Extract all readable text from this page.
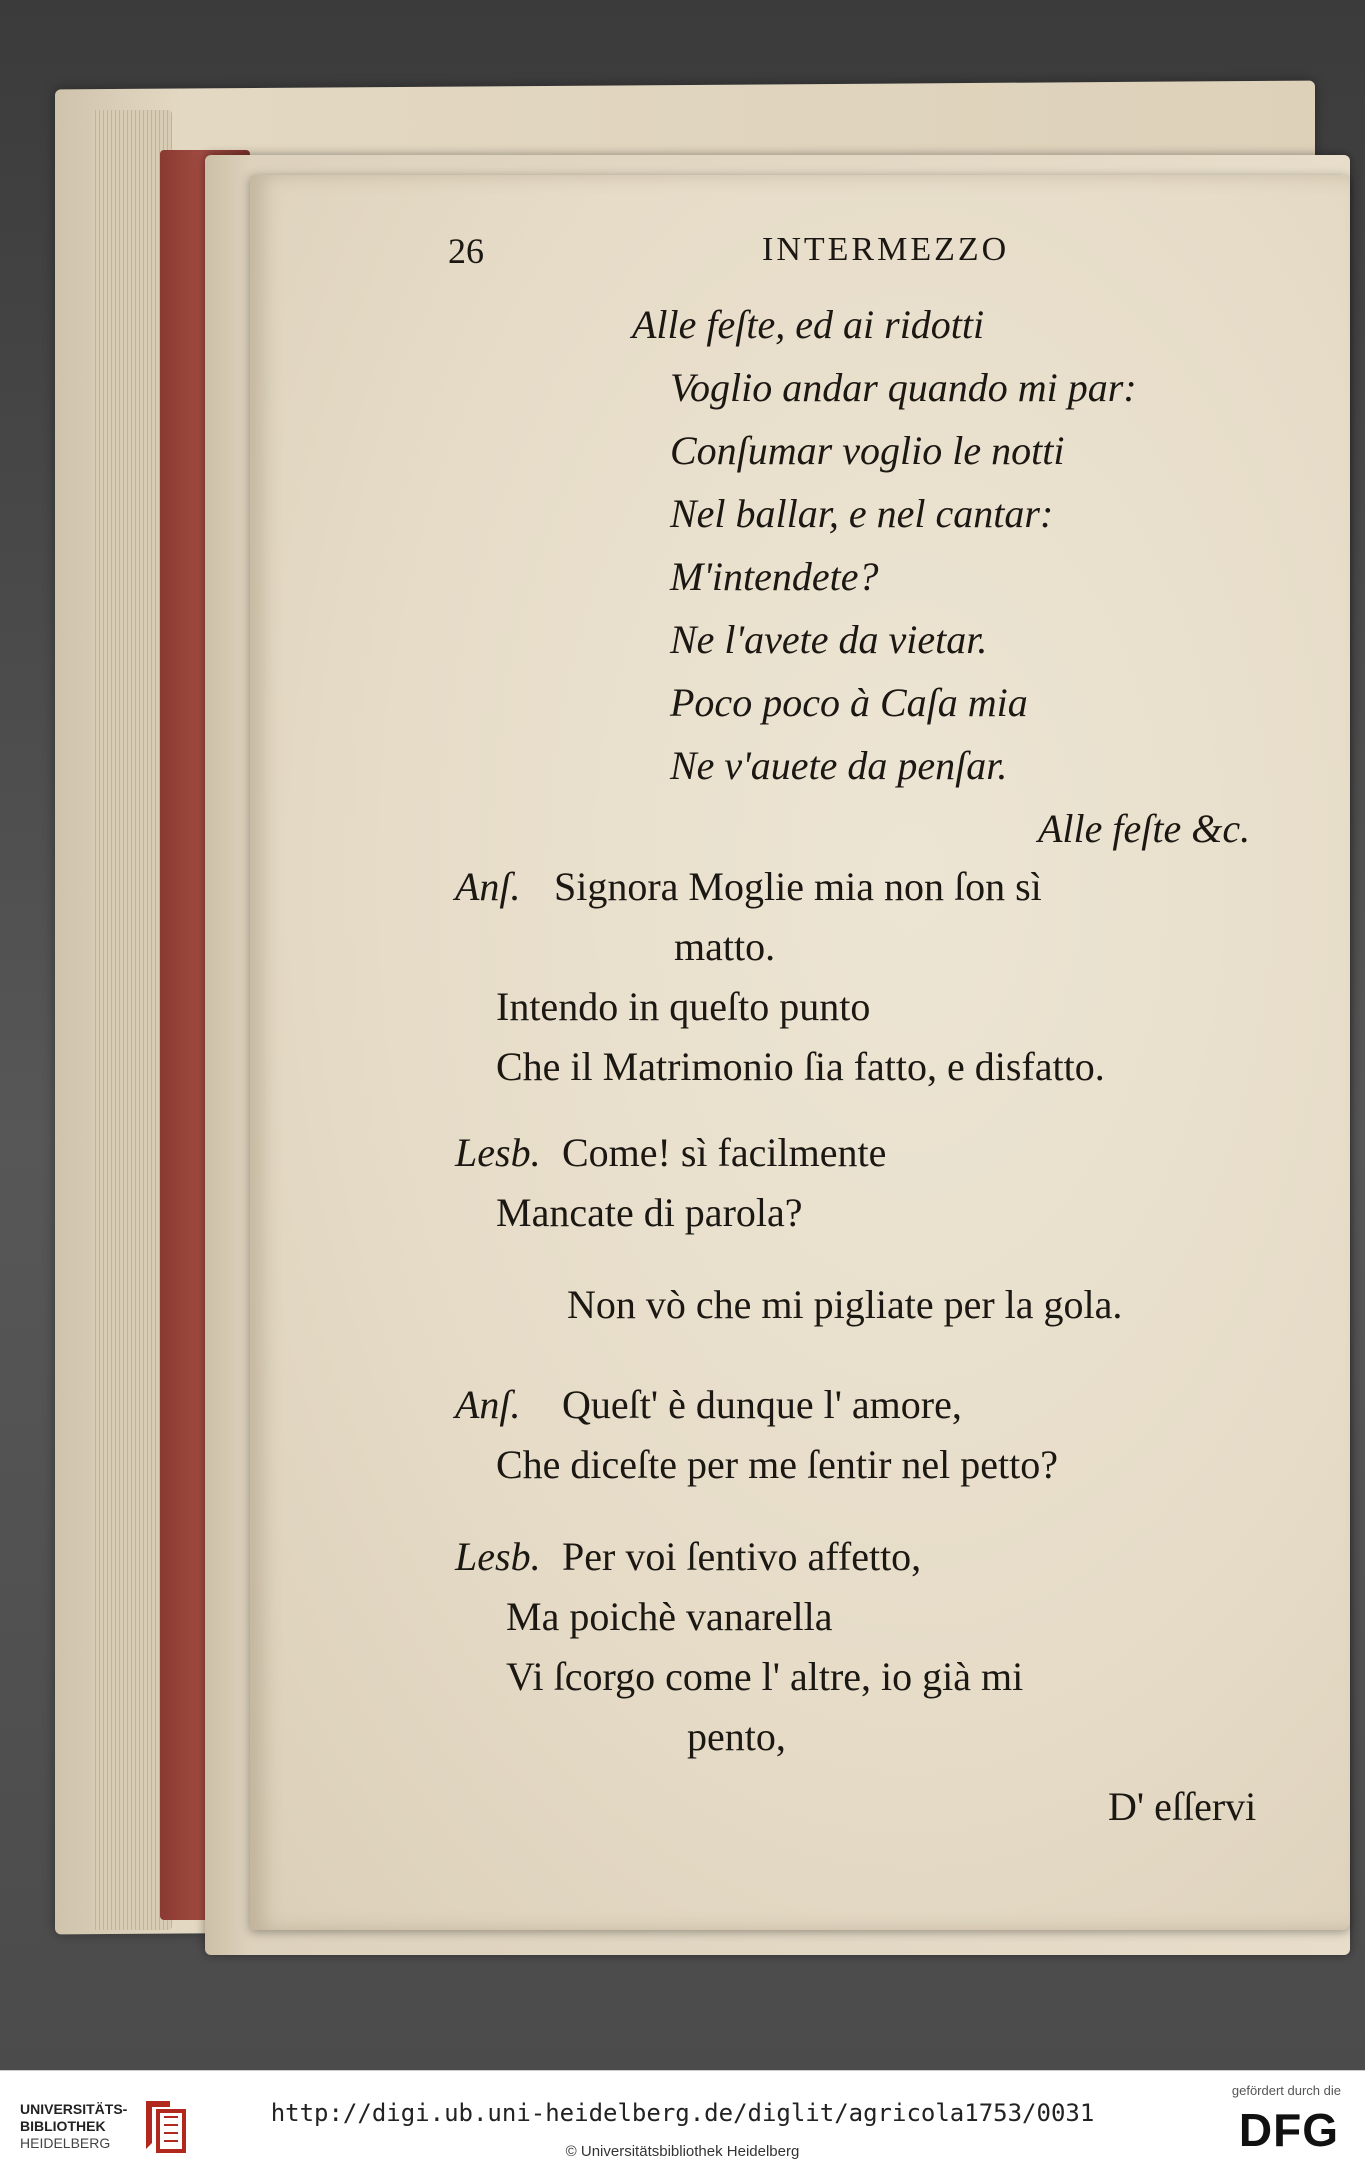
26	INTERMEZZO
Alle feſte, ed ai ridotti
Voglio andar quando mi par:
Conſumar voglio le notti
Nel ballar, e nel cantar:
M'intendete?
Ne l'avete da vietar.
Poco poco à Caſa mia
Ne v'auete da penſar.
Alle feſte &c.
Anſ. Signora Moglie mia non ſon sì
matto.
Intendo in queſto punto
Che il Matrimonio ſia fatto, e disfatto.
Lesb. Come! sì facilmente
Mancate di parola?
Non vò che mi pigliate per la gola.
Anſ. Queſt' è dunque l' amore,
Che diceſte per me ſentir nel petto?
Lesb. Per voi ſentivo affetto,
Ma poichè vanarella
Vi ſcorgo come l' altre, io già mi
pento,
D' eſſervi
UNIVERSITÄTS-
BIBLIOTHEK
HEIDELBERG
http://digi.ub.uni-heidelberg.de/diglit/agricola1753/0031
© Universitätsbibliothek Heidelberg
gefördert durch die
DFG
